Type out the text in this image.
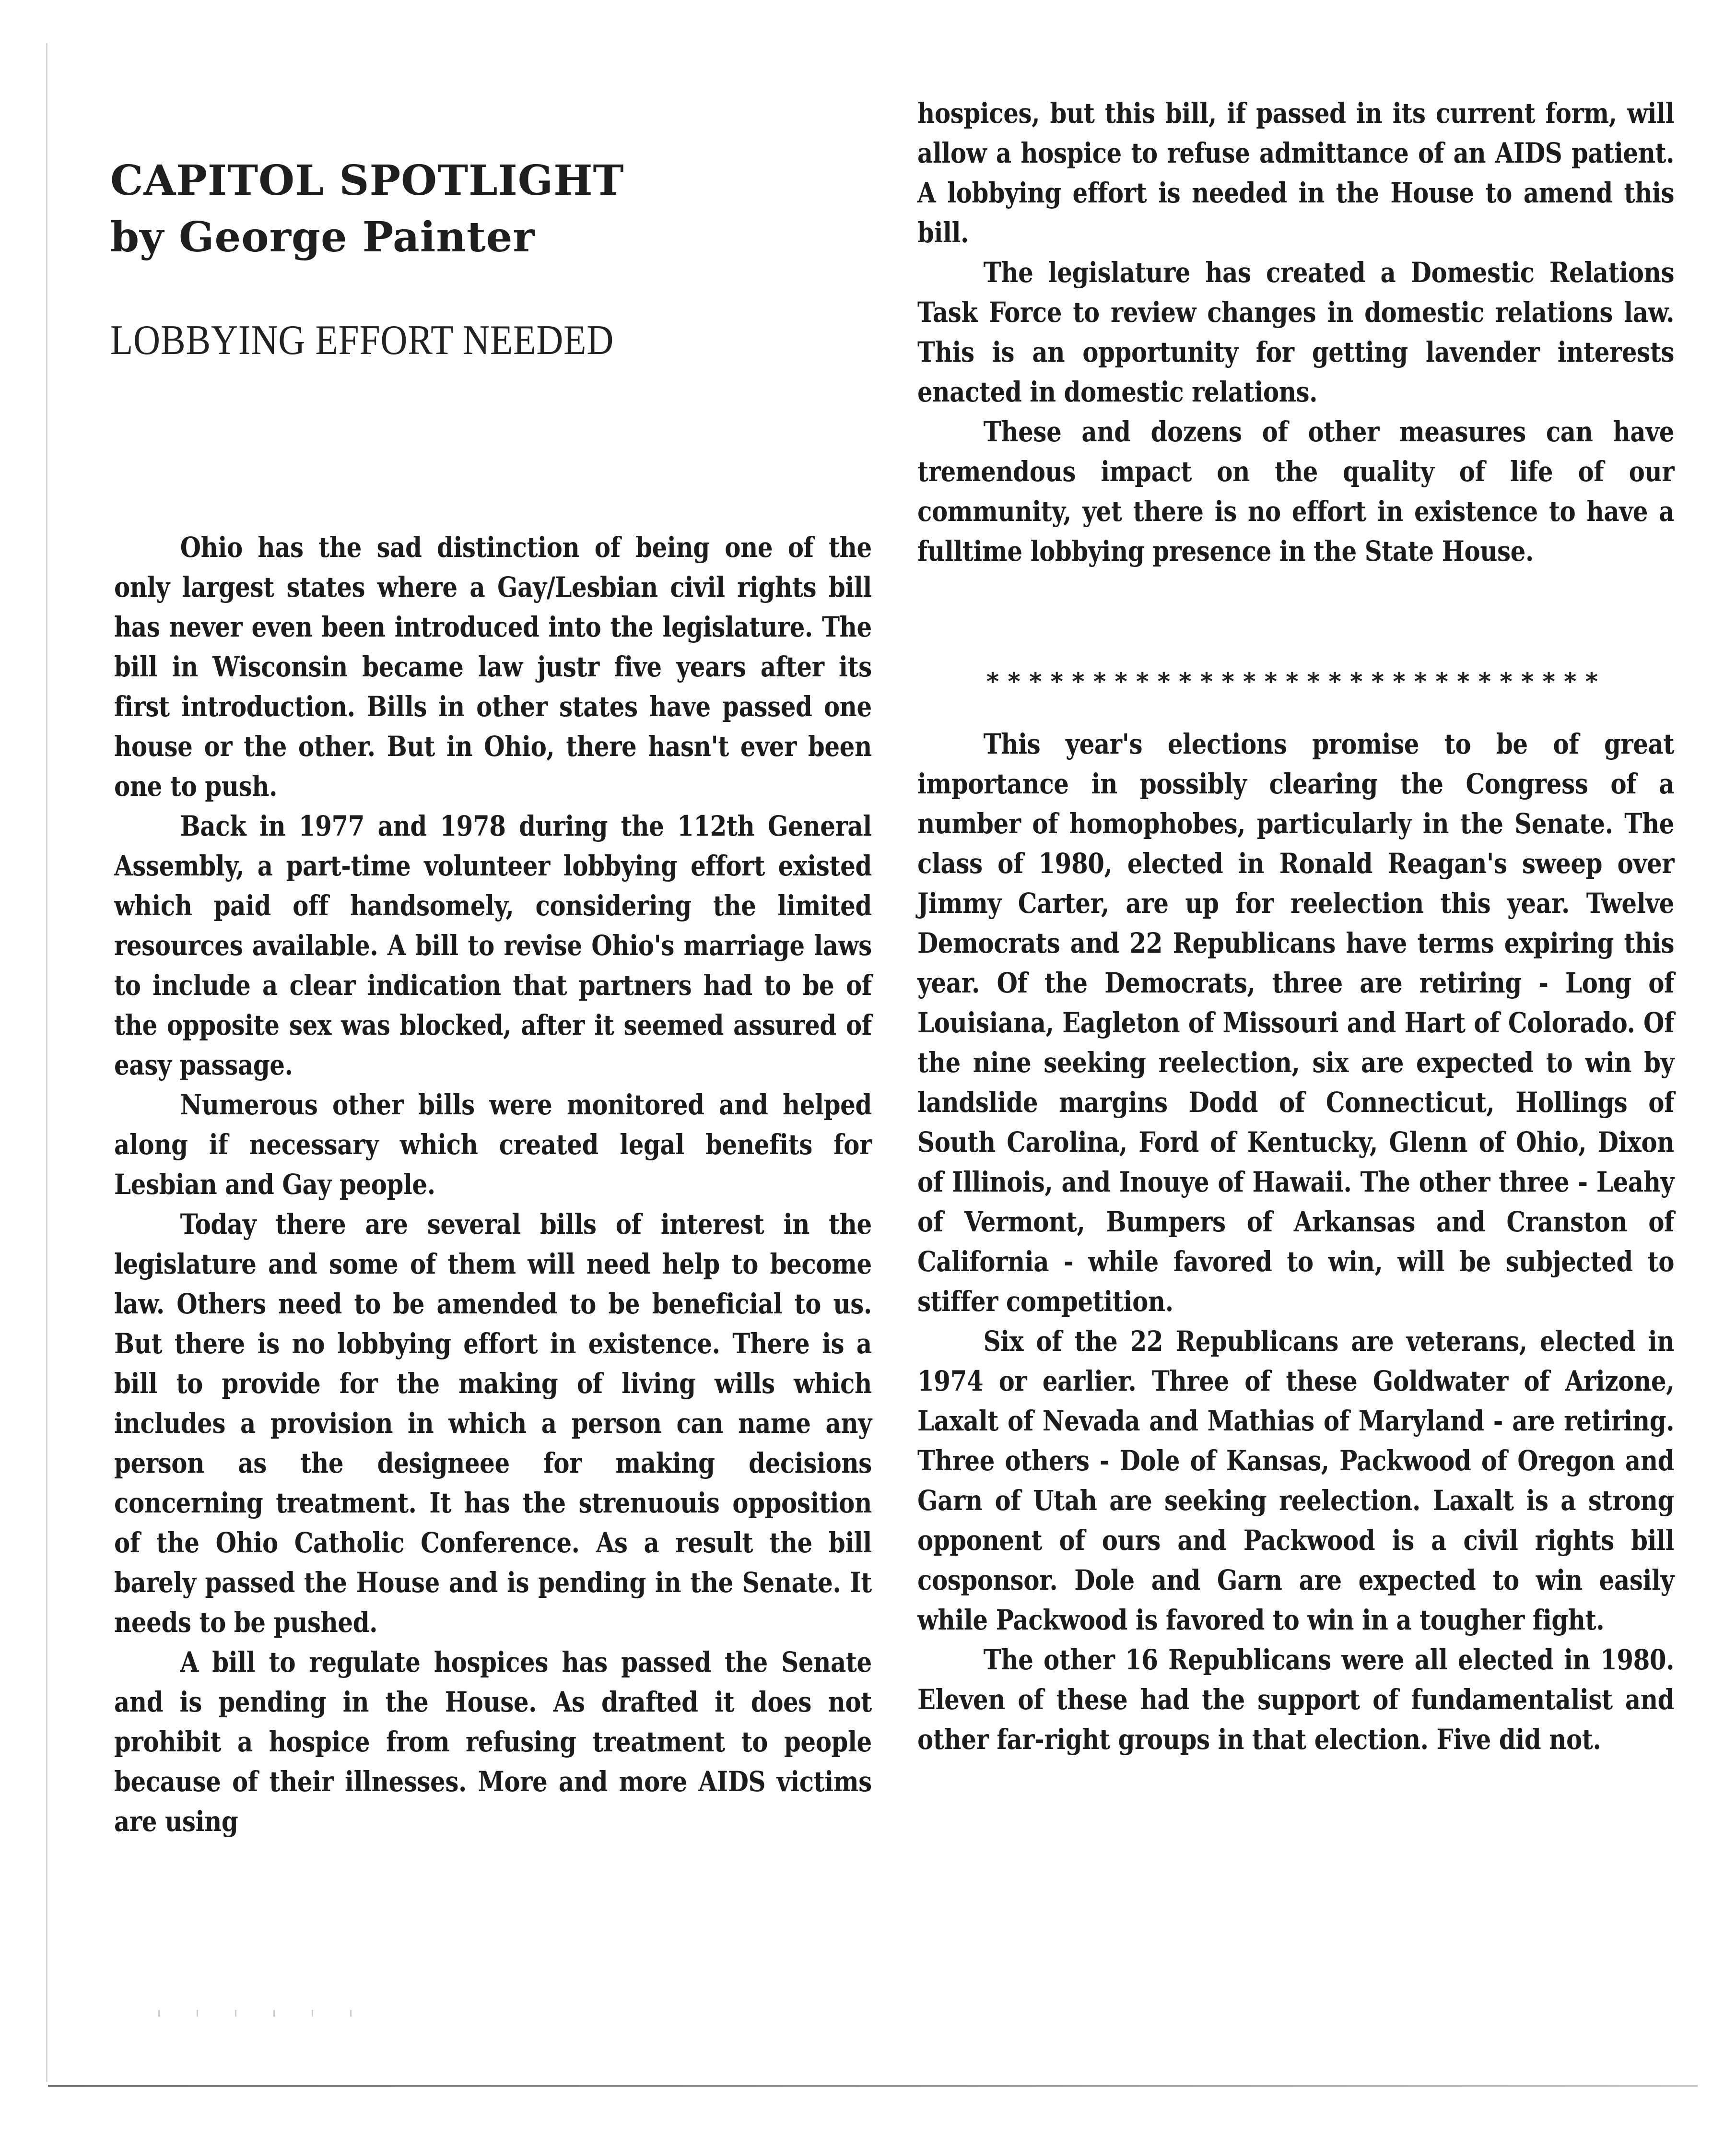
CAPITOL SPOTLIGHT
by George Painter
LOBBYING EFFORT NEEDED

Ohio has the sad distinction of being one of the only largest states where a Gay/Lesbian civil rights bill has never even been introduced into the legislature. The bill in Wisconsin became law justr five years after its first introduction. Bills in other states have passed one house or the other. But in Ohio, there hasn't ever been one to push.

Back in 1977 and 1978 during the 112th General Assembly, a part-time volunteer lobbying effort existed which paid off handsomely, considering the limited resources available. A bill to revise Ohio's marriage laws to include a clear indication that partners had to be of the opposite sex was blocked, after it seemed assured of easy passage.

Numerous other bills were monitored and helped along if necessary which created legal benefits for Lesbian and Gay people.

Today there are several bills of interest in the legislature and some of them will need help to become law. Others need to be amended to be beneficial to us. But there is no lobbying effort in existence. There is a bill to provide for the making of living wills which includes a provision in which a person can name any person as the designeee for making decisions concerning treatment. It has the strenuouis opposition of the Ohio Catholic Conference. As a result the bill barely passed the House and is pending in the Senate. It needs to be pushed.

A bill to regulate hospices has passed the Senate and is pending in the House. As drafted it does not prohibit a hospice from refusing treatment to people because of their illnesses. More and more AIDS victims are using

hospices, but this bill, if passed in its current form, will allow a hospice to refuse admittance of an AIDS patient. A lobbying effort is needed in the House to amend this bill.

The legislature has created a Domestic Relations Task Force to review changes in domestic relations law. This is an opportunity for getting lavender interests enacted in domestic relations.

These and dozens of other measures can have tremendous impact on the quality of life of our community, yet there is no effort in existence to have a fulltime lobbying presence in the State House.

*****************************

This year's elections promise to be of great importance in possibly clearing the Congress of a number of homophobes, particularly in the Senate. The class of 1980, elected in Ronald Reagan's sweep over Jimmy Carter, are up for reelection this year. Twelve Democrats and 22 Republicans have terms expiring this year. Of the Democrats, three are retiring - Long of Louisiana, Eagleton of Missouri and Hart of Colorado. Of the nine seeking reelection, six are expected to win by landslide margins Dodd of Connecticut, Hollings of South Carolina, Ford of Kentucky, Glenn of Ohio, Dixon of Illinois, and Inouye of Hawaii. The other three - Leahy of Vermont, Bumpers of Arkansas and Cranston of California - while favored to win, will be subjected to stiffer competition.

Six of the 22 Republicans are veterans, elected in 1974 or earlier. Three of these Goldwater of Arizone, Laxalt of Nevada and Mathias of Maryland - are retiring. Three others - Dole of Kansas, Packwood of Oregon and Garn of Utah are seeking reelection. Laxalt is a strong opponent of ours and Packwood is a civil rights bill cosponsor. Dole and Garn are expected to win easily while Packwood is favored to win in a tougher fight.

The other 16 Republicans were all elected in 1980. Eleven of these had the support of fundamentalist and other far-right groups in that election. Five did not.
